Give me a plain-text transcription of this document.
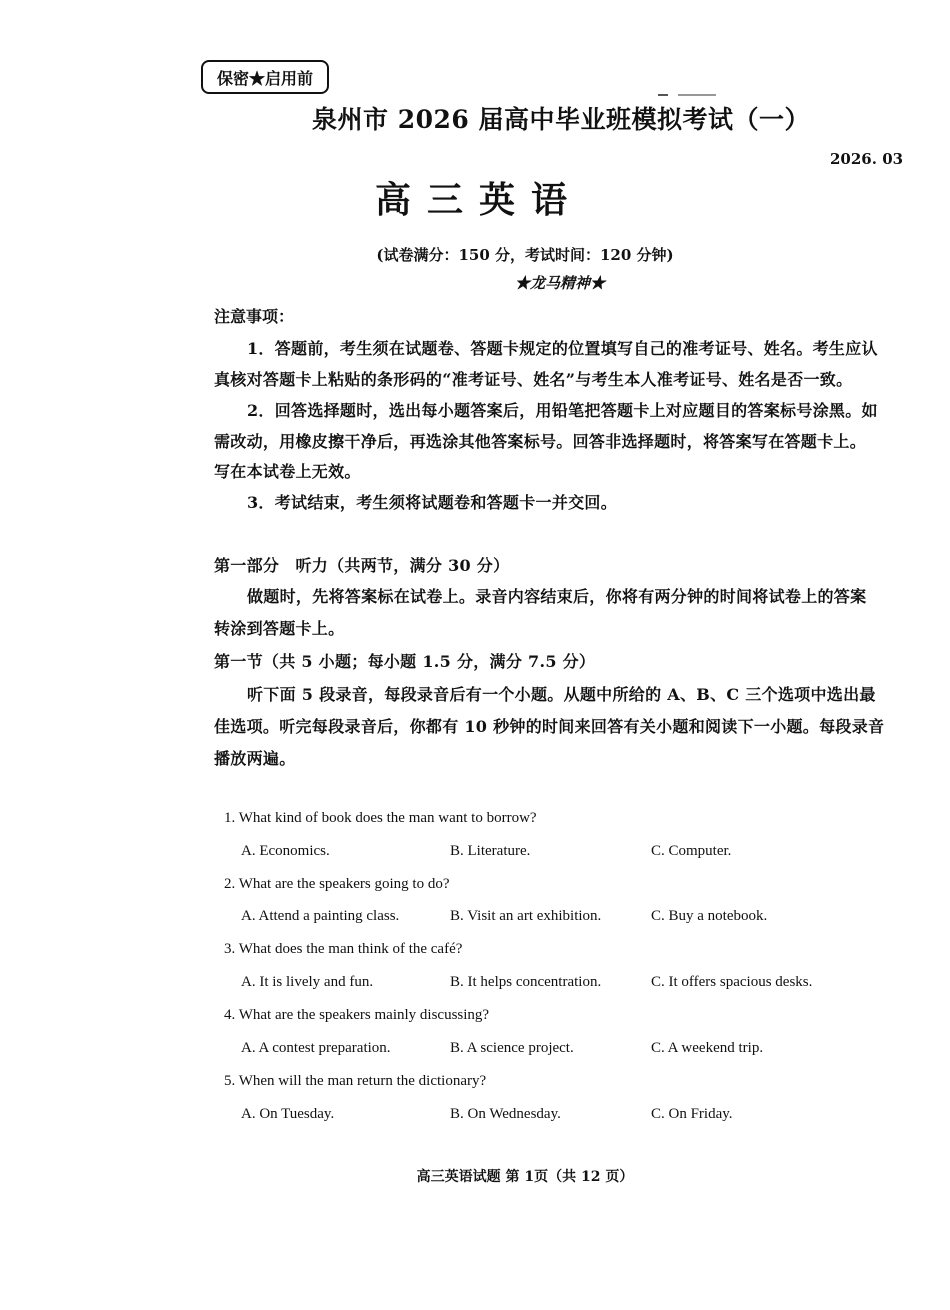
保密★启用前
泉州市 2026 届高中毕业班模拟考试（一）
2026. 03
高三英语
(试卷满分：150 分，考试时间：120 分钟)
★龙马精神★
注意事项：
1．答题前，考生须在试题卷、答题卡规定的位置填写自己的准考证号、姓名。考生应认
真核对答题卡上粘贴的条形码的“准考证号、姓名”与考生本人准考证号、姓名是否一致。
2．回答选择题时，选出每小题答案后，用铅笔把答题卡上对应题目的答案标号涂黑。如
需改动，用橡皮擦干净后，再选涂其他答案标号。回答非选择题时，将答案写在答题卡上。
写在本试卷上无效。
3．考试结束，考生须将试题卷和答题卡一并交回。
第一部分　听力（共两节，满分 30 分）
做题时，先将答案标在试卷上。录音内容结束后，你将有两分钟的时间将试卷上的答案
转涂到答题卡上。
第一节（共 5 小题；每小题 1.5 分，满分 7.5 分）
听下面 5 段录音，每段录音后有一个小题。从题中所给的 A、B、C 三个选项中选出最
佳选项。听完每段录音后，你都有 10 秒钟的时间来回答有关小题和阅读下一小题。每段录音
播放两遍。
1. What kind of book does the man want to borrow?
A. Economics.	B. Literature.	C. Computer.
2. What are the speakers going to do?
A. Attend a painting class.	B. Visit an art exhibition.	C. Buy a notebook.
3. What does the man think of the café?
A. It is lively and fun.	B. It helps concentration.	C. It offers spacious desks.
4. What are the speakers mainly discussing?
A. A contest preparation.	B. A science project.	C. A weekend trip.
5. When will the man return the dictionary?
A. On Tuesday.	B. On Wednesday.	C. On Friday.
高三英语试题 第 1页（共 12 页）
